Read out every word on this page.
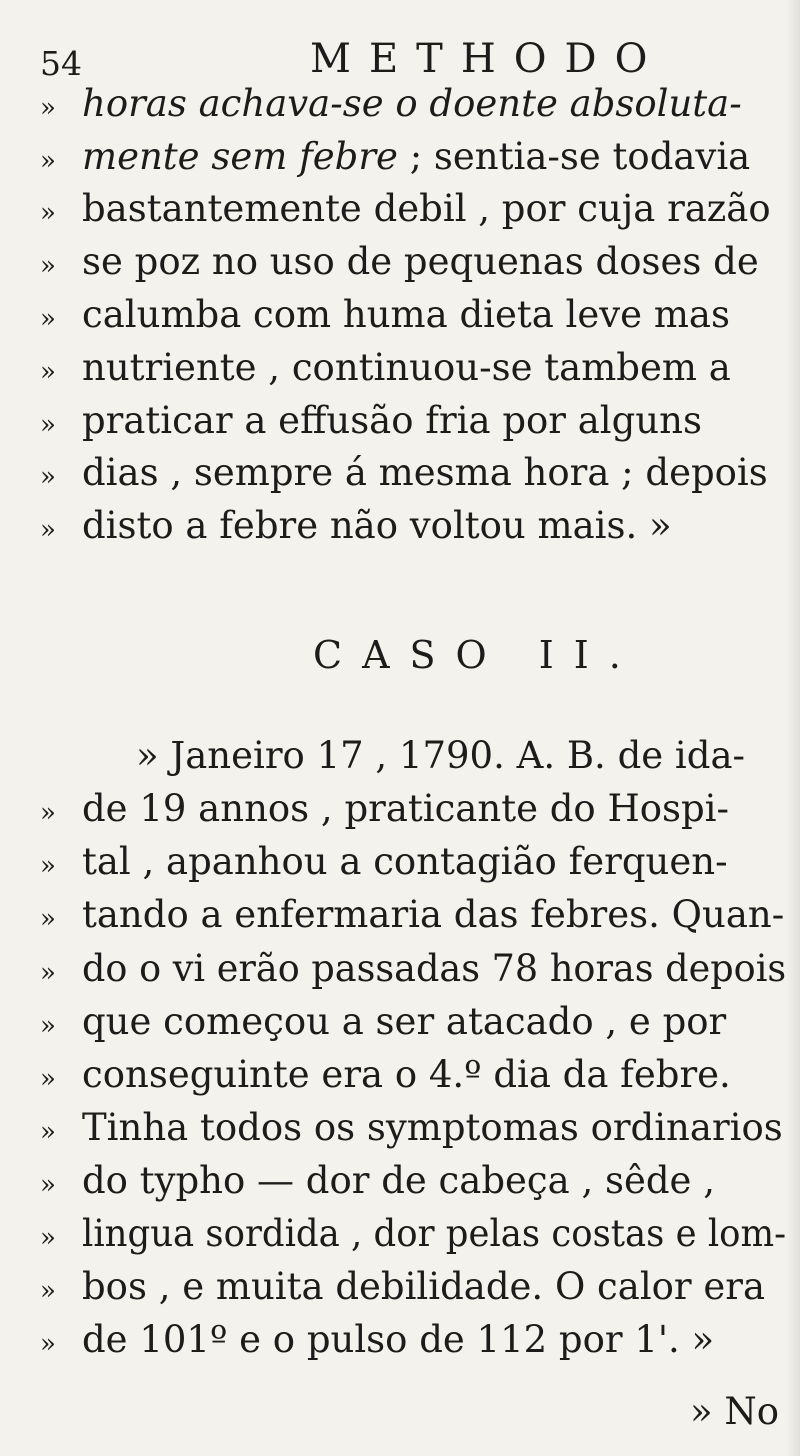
54	METHODO
» horas achava-se o doente absoluta-
» mente sem febre ; sentia-se todavia
» bastantemente debil , por cuja razão
» se poz no uso de pequenas doses de
» calumba com huma dieta leve mas
» nutriente , continuou-se tambem a
» praticar a effusão fria por alguns
» dias , sempre á mesma hora ; depois
» disto a febre não voltou mais. »
CASO II.
» Janeiro 17 , 1790. A. B. de ida-
» de 19 annos , praticante do Hospi-
» tal , apanhou a contagião ferquen-
» tando a enfermaria das febres. Quan-
» do o vi erão passadas 78 horas depois
» que começou a ser atacado , e por
» conseguinte era o 4.º dia da febre.
» Tinha todos os symptomas ordinarios
» do typho — dor de cabeça , sêde ,
» lingua sordida , dor pelas costas e lom-
» bos , e muita debilidade. O calor era
» de 101º e o pulso de 112 por 1'. »
» No
